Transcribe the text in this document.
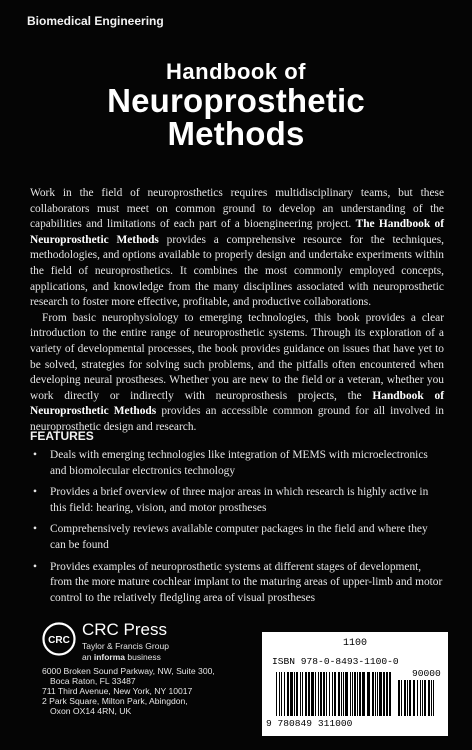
Biomedical Engineering
Handbook of
Neuroprosthetic
Methods

Work in the field of neuroprosthetics requires multidisciplinary teams, but these collaborators must meet on common ground to develop an understanding of the capabilities and limitations of each part of a bioengineering project. The Handbook of Neuroprosthetic Methods provides a comprehensive resource for the techniques, methodologies, and options available to properly design and undertake experiments within the field of neuroprosthetics. It combines the most commonly employed concepts, applications, and knowledge from the many disciplines associated with neuroprosthetic research to foster more effective, profitable, and productive collaborations.

From basic neurophysiology to emerging technologies, this book provides a clear introduction to the entire range of neuroprosthetic systems. Through its exploration of a variety of developmental processes, the book provides guidance on issues that have yet to be solved, strategies for solving such problems, and the pitfalls often encountered when developing neural prostheses. Whether you are new to the field or a veteran, whether you work directly or indirectly with neuroprosthesis projects, the Handbook of Neuroprosthetic Methods provides an accessible common ground for all involved in neuroprosthetic design and research.

FEATURES
• Deals with emerging technologies like integration of MEMS with microelectronics and biomolecular electronics technology
• Provides a brief overview of three major areas in which research is highly active in this field: hearing, vision, and motor prostheses
• Comprehensively reviews available computer packages in the field and where they can be found
• Provides examples of neuroprosthetic systems at different stages of development, from the more mature cochlear implant to the maturing areas of upper-limb and motor control to the relatively fledgling area of visual prostheses
CRC
CRC Press
Taylor & Francis Group
an informa business
6000 Broken Sound Parkway, NW, Suite 300,
Boca Raton, FL 33487
711 Third Avenue, New York, NY 10017
2 Park Square, Milton Park, Abingdon,
Oxon OX14 4RN, UK
1100
ISBN 978-0-8493-1100-0
90000
9 780849 311000
